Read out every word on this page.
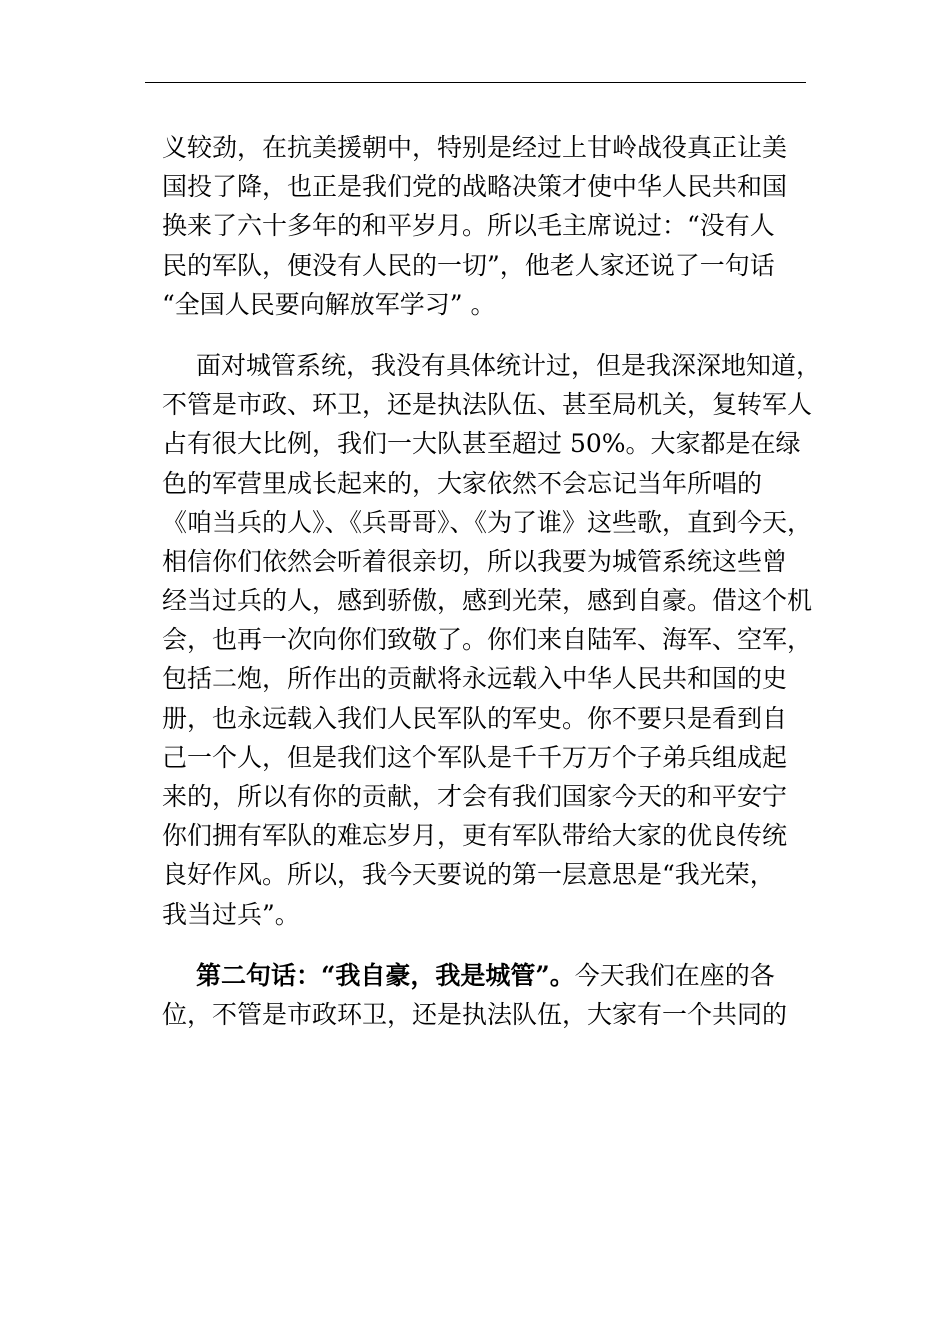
义较劲，在抗美援朝中，特别是经过上甘岭战役真正让美
国投了降，也正是我们党的战略决策才使中华人民共和国
换来了六十多年的和平岁月。所以毛主席说过：“没有人
民的军队，便没有人民的一切”，他老人家还说了一句话
“全国人民要向解放军学习” 。
面对城管系统，我没有具体统计过，但是我深深地知道，
不管是市政、环卫，还是执法队伍、甚至局机关，复转军人
占有很大比例，我们一大队甚至超过 50%。大家都是在绿
色的军营里成长起来的，大家依然不会忘记当年所唱的
《咱当兵的人》、《兵哥哥》、《为了谁》这些歌，直到今天，
相信你们依然会听着很亲切，所以我要为城管系统这些曾
经当过兵的人，感到骄傲，感到光荣，感到自豪。借这个机
会，也再一次向你们致敬了。你们来自陆军、海军、空军，
包括二炮，所作出的贡献将永远载入中华人民共和国的史
册，也永远载入我们人民军队的军史。你不要只是看到自
己一个人，但是我们这个军队是千千万万个子弟兵组成起
来的，所以有你的贡献，才会有我们国家今天的和平安宁
你们拥有军队的难忘岁月，更有军队带给大家的优良传统
良好作风。所以，我今天要说的第一层意思是“我光荣，
我当过兵”。
第二句话：“我自豪，我是城管”。今天我们在座的各
位，不管是市政环卫，还是执法队伍，大家有一个共同的
